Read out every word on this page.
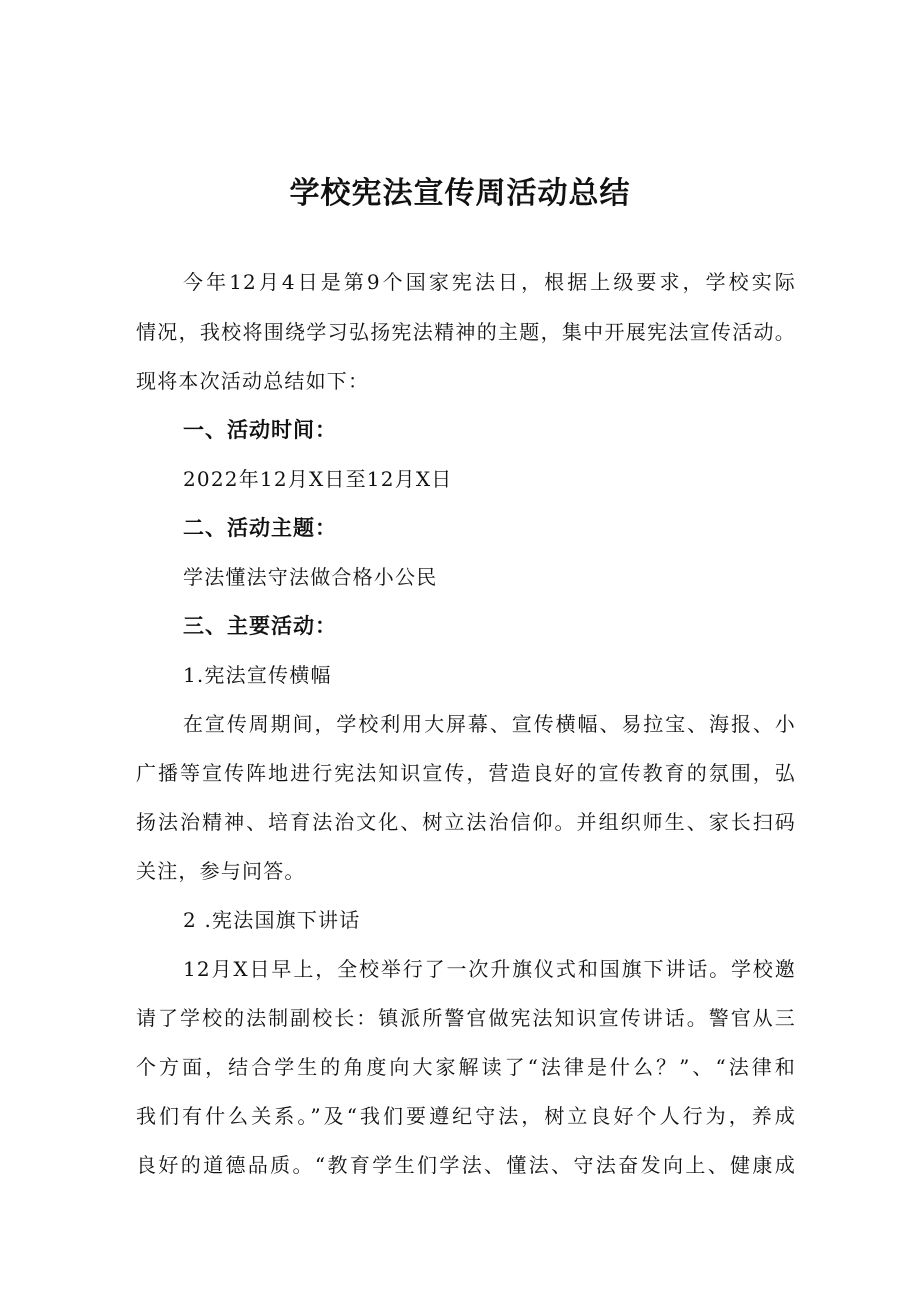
学校宪法宣传周活动总结

今年12月4日是第9个国家宪法日，根据上级要求，学校实际

情况，我校将围绕学习弘扬宪法精神的主题，集中开展宪法宣传活动。

现将本次活动总结如下：

一、活动时间：

2022年12月X日至12月X日

二、活动主题：

学法懂法守法做合格小公民

三、主要活动：

1.宪法宣传横幅

在宣传周期间，学校利用大屏幕、宣传横幅、易拉宝、海报、小

广播等宣传阵地进行宪法知识宣传，营造良好的宣传教育的氛围，弘

扬法治精神、培育法治文化、树立法治信仰。并组织师生、家长扫码

关注，参与问答。

2 .宪法国旗下讲话

12月X日早上，全校举行了一次升旗仪式和国旗下讲话。学校邀

请了学校的法制副校长：镇派所警官做宪法知识宣传讲话。警官从三

个方面，结合学生的角度向大家解读了“法律是什么？”、“法律和

我们有什么关系。”及“我们要遵纪守法，树立良好个人行为，养成

良好的道德品质。“教育学生们学法、懂法、守法奋发向上、健康成
